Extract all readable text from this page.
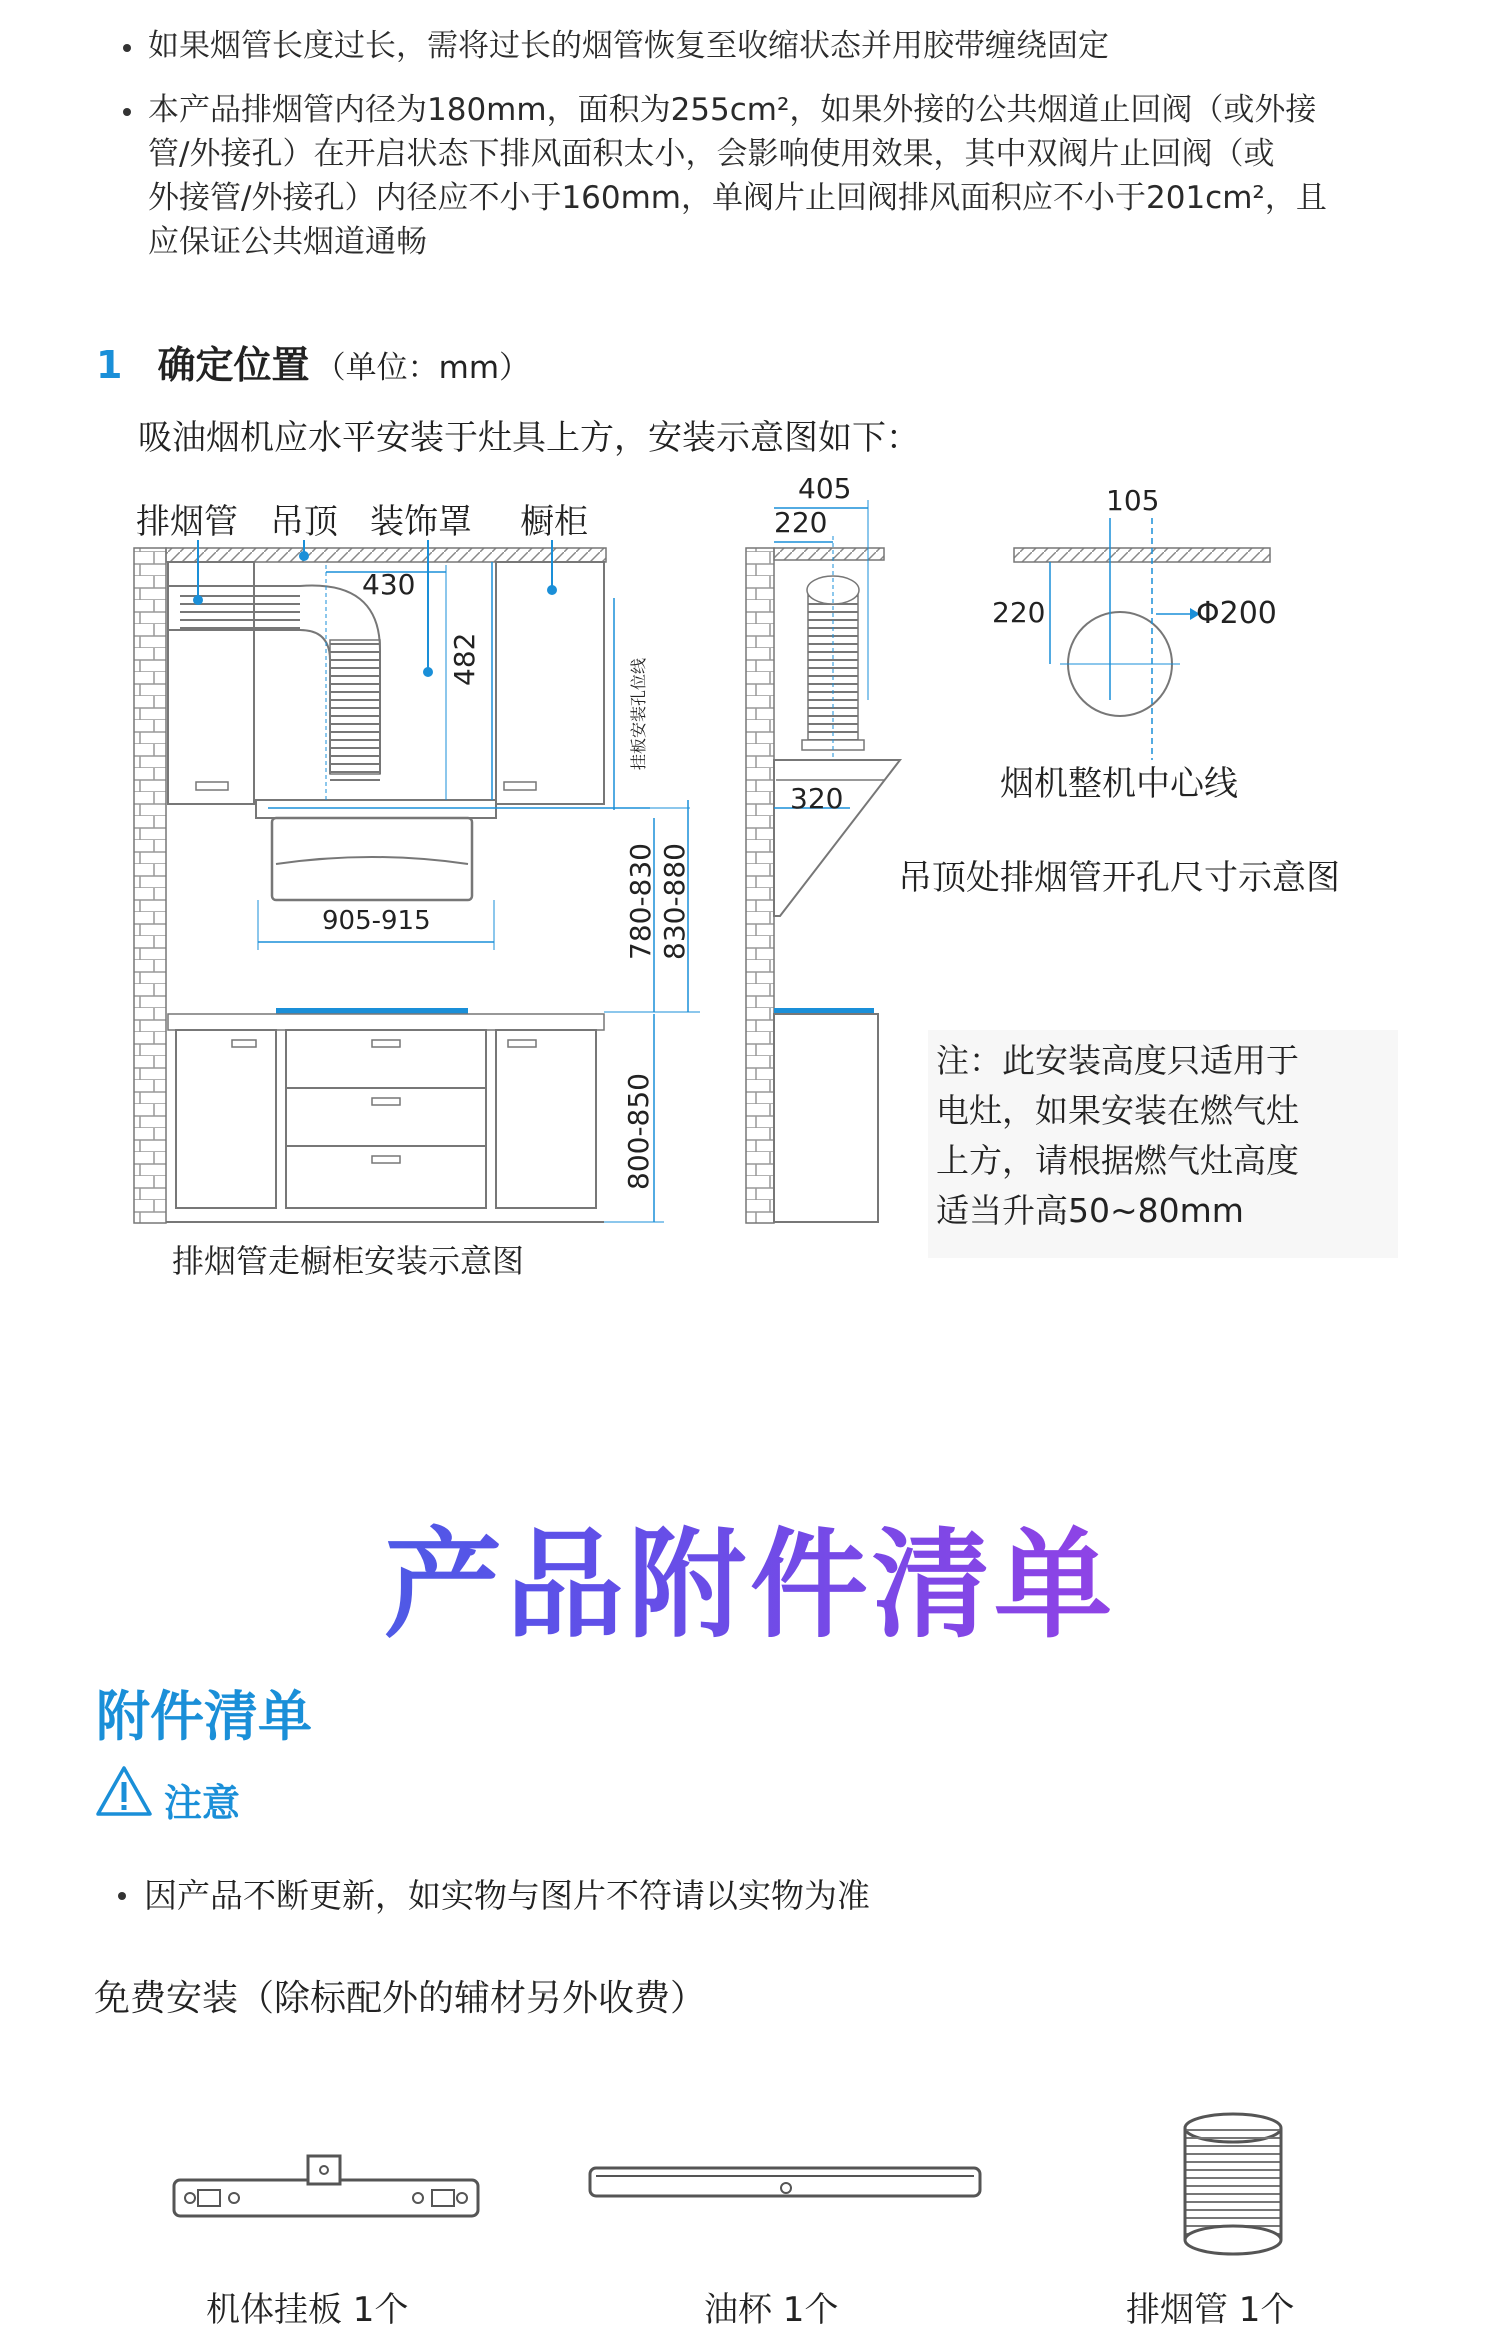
如果烟管长度过长，需将过长的烟管恢复至收缩状态并用胶带缠绕固定
本产品排烟管内径为180mm，面积为255cm²，如果外接的公共烟道止回阀（或外接
管/外接孔）在开启状态下排风面积太小，会影响使用效果，其中双阀片止回阀（或
外接管/外接孔）内径应不小于160mm，单阀片止回阀排风面积应不小于201cm²，且
应保证公共烟道通畅
1 确定位置 （单位：mm）
吸油烟机应水平安装于灶具上方，安装示意图如下：
排烟管 吊顶 装饰罩 橱柜
430
482	挂板安装孔位线
905-915	780-830 830-880
800-850
排烟管走橱柜安装示意图
405
220
320
105
220	Φ200
烟机整机中心线
吊顶处排烟管开孔尺寸示意图
注：此安装高度只适用于
电灶，如果安装在燃气灶
上方，请根据燃气灶高度
适当升高50~80mm
产品附件清单
附件清单
注意
因产品不断更新，如实物与图片不符请以实物为准
免费安装（除标配外的辅材另外收费）
机体挂板 1个	油杯 1个	排烟管 1个
